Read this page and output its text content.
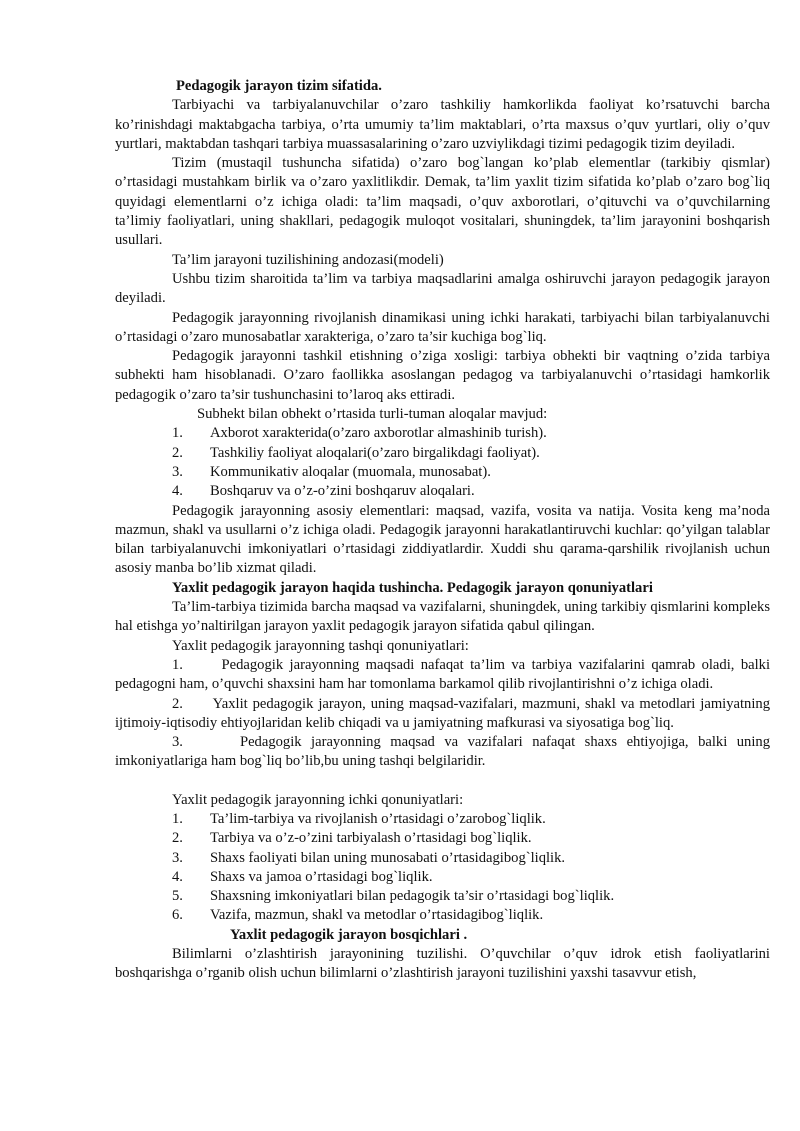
Pedagogik jarayon tizim sifatida.

Tarbiyachi va tarbiyalanuvchilar o’zaro tashkiliy hamkorlikda faoliyat ko’rsatuvchi barcha ko’rinishdagi maktabgacha tarbiya, o’rta umumiy ta’lim maktablari, o’rta maxsus o’quv yurtlari, oliy o’quv yurtlari, maktabdan tashqari tarbiya muassasalarining o’zaro uzviylikdagi tizimi pedagogik tizim deyiladi.

Tizim (mustaqil tushuncha sifatida) o’zaro bog`langan ko’plab elementlar (tarkibiy qismlar) o’rtasidagi mustahkam birlik va o’zaro yaxlitlikdir. Demak, ta’lim yaxlit tizim sifatida ko’plab o’zaro bog`liq quyidagi elementlarni o’z ichiga oladi: ta’lim maqsadi, o’quv axborotlari, o’qituvchi va o’quvchilarning ta’limiy faoliyatlari, uning shakllari, pedagogik muloqot vositalari, shuningdek, ta’lim jarayonini boshqarish usullari.

Ta’lim jarayoni tuzilishining andozasi(modeli)

Ushbu tizim sharoitida ta’lim va tarbiya maqsadlarini amalga oshiruvchi jarayon pedagogik jarayon deyiladi.

Pedagogik jarayonning rivojlanish dinamikasi uning ichki harakati, tarbiyachi bilan tarbiyalanuvchi o’rtasidagi o’zaro munosabatlar xarakteriga, o’zaro ta’sir kuchiga bog`liq.

Pedagogik jarayonni tashkil etishning o’ziga xosligi: tarbiya obhekti bir vaqtning o’zida tarbiya subhekti ham hisoblanadi. O’zaro faollikka asoslangan pedagog va tarbiyalanuvchi o’rtasidagi hamkorlik pedagogik o’zaro ta’sir tushunchasini to’laroq aks ettiradi.

Subhekt bilan obhekt o’rtasida turli-tuman aloqalar mavjud:

1.	Axborot xarakterida(o’zaro axborotlar almashinib turish).
2.	Tashkiliy faoliyat aloqalari(o’zaro birgalikdagi faoliyat).
3.	Kommunikativ aloqalar (muomala, munosabat).
4.	Boshqaruv va o’z-o’zini boshqaruv aloqalari.

Pedagogik jarayonning asosiy elementlari: maqsad, vazifa, vosita va natija. Vosita keng ma’noda mazmun, shakl va usullarni o’z ichiga oladi. Pedagogik jarayonni harakatlantiruvchi kuchlar: qo’yilgan talablar bilan tarbiyalanuvchi imkoniyatlari o’rtasidagi ziddiyatlardir. Xuddi shu qarama-qarshilik rivojlanish uchun asosiy manba bo’lib xizmat qiladi.

Yaxlit pedagogik jarayon haqida tushincha. Pedagogik jarayon qonuniyatlari

Ta’lim-tarbiya tizimida barcha maqsad va vazifalarni, shuningdek, uning tarkibiy qismlarini kompleks hal etishga yo’naltirilgan jarayon yaxlit pedagogik jarayon sifatida qabul qilingan.

Yaxlit pedagogik jarayonning tashqi qonuniyatlari:

1.	Pedagogik jarayonning maqsadi nafaqat ta’lim va tarbiya vazifalarini qamrab oladi, balki pedagogni ham, o’quvchi shaxsini ham har tomonlama barkamol qilib rivojlantirishni o’z ichiga oladi.

2. Yaxlit pedagogik jarayon, uning maqsad-vazifalari, mazmuni, shakl va metodlari jamiyatning ijtimoiy-iqtisodiy ehtiyojlaridan kelib chiqadi va u jamiyatning mafkurasi va siyosatiga bog`liq.

3.	Pedagogik jarayonning maqsad va vazifalari nafaqat shaxs ehtiyojiga, balki uning imkoniyatlariga ham bog`liq bo’lib,bu uning tashqi belgilaridir.

Yaxlit pedagogik jarayonning ichki qonuniyatlari:

1.	Ta’lim-tarbiya va rivojlanish o’rtasidagi o’zarobog`liqlik.
2.	Tarbiya va o’z-o’zini tarbiyalash o’rtasidagi bog`liqlik.
3.	Shaxs faoliyati bilan uning munosabati o’rtasidagibog`liqlik.
4.	Shaxs va jamoa o’rtasidagi bog`liqlik.
5.	Shaxsning imkoniyatlari bilan pedagogik ta’sir o’rtasidagi bog`liqlik.
6.	Vazifa, mazmun, shakl va metodlar o’rtasidagibog`liqlik.

Yaxlit pedagogik jarayon bosqichlari .

Bilimlarni o’zlashtirish jarayonining tuzilishi. O’quvchilar o’quv idrok etish faoliyatlarini boshqarishga o’rganib olish uchun bilimlarni o’zlashtirish jarayoni tuzilishini yaxshi tasavvur etish,
